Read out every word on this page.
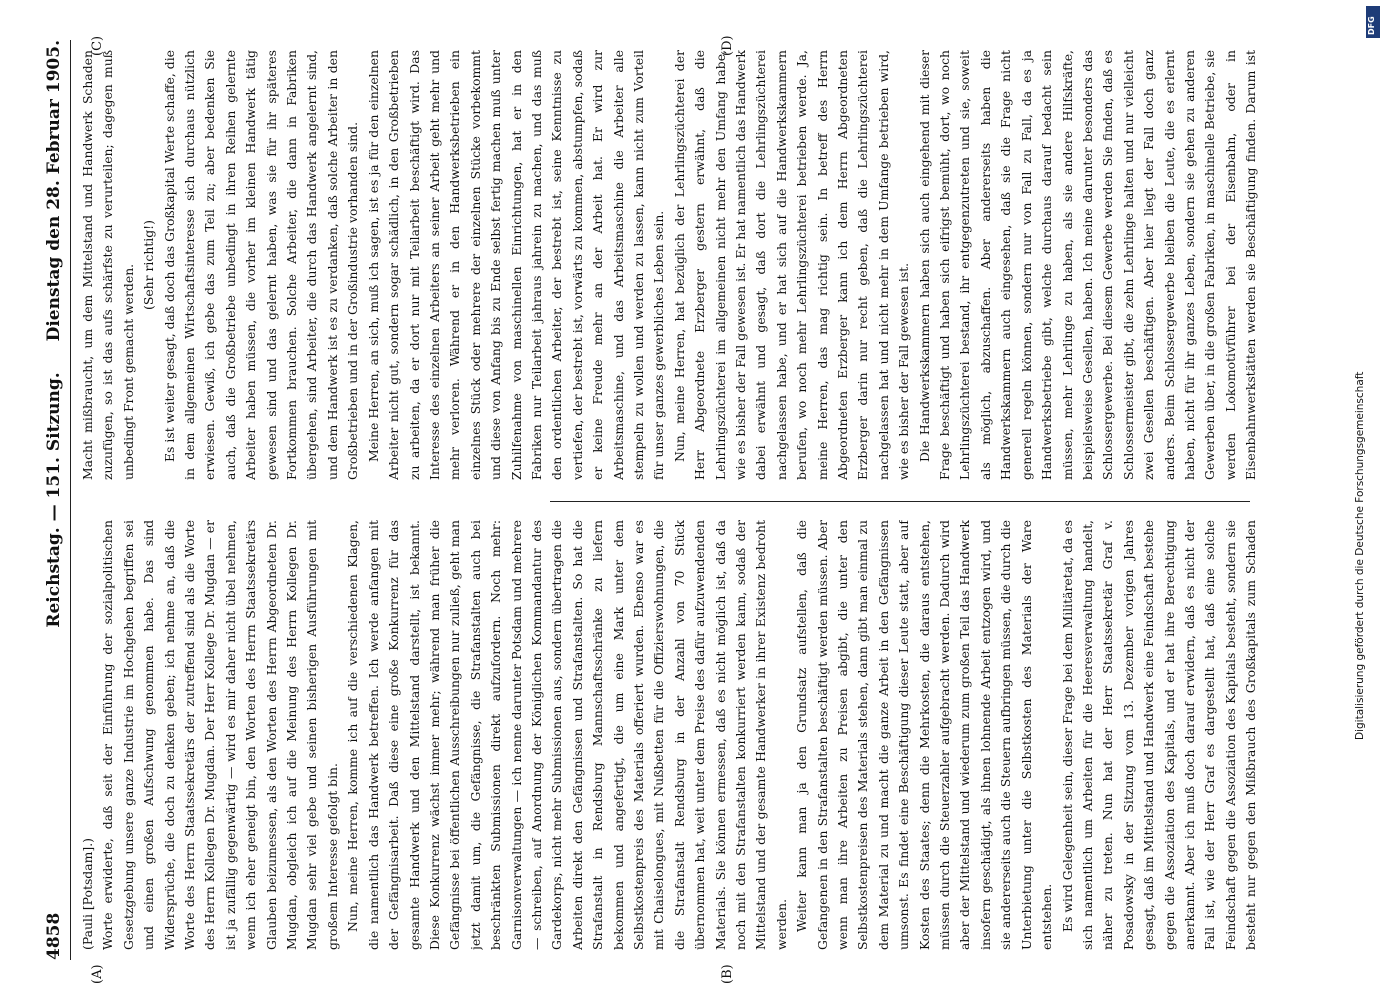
4858
Reichstag. — 151. Sitzung.
Dienstag den 28. Februar 1905.
(A)	(B)
(C)	(D)

(Pauli [Potsdam].) Worte erwiderte, daß seit der Einführung der sozialpolitischen Gesetzgebung unsere ganze Industrie im Hochgehen begriffen sei und einen großen Aufschwung genommen habe. Das sind Widersprüche, die doch zu denken geben; ich nehme an, daß die Worte des Herrn Staatssekretärs der zutreffend sind als die Worte des Herrn Kollegen Dr. Mugdan. Der Herr Kollege Dr. Mugdan — er ist ja zufällig gegenwärtig — wird es mir daher nicht übel nehmen, wenn ich eher geneigt bin, den Worten des Herrn Staatssekretärs Glauben beizumessen, als den Worten des Herrn Abgeordneten Dr. Mugdan, obgleich ich auf die Meinung des Herrn Kollegen Dr. Mugdan sehr viel gebe und seinen bisherigen Ausführungen mit großem Interesse gefolgt bin. Nun, meine Herren, komme ich auf die verschiedenen Klagen, die namentlich das Handwerk betreffen. Ich werde anfangen mit der Gefängnisarbeit. Daß diese eine große Konkurrenz für das gesamte Handwerk und den Mittelstand darstellt, ist bekannt. Diese Konkurrenz wächst immer mehr; während man früher die Gefängnisse bei öffentlichen Ausschreibungen nur zuließ, geht man jetzt damit um, die Gefängnisse, die Strafanstalten auch bei beschränkten Submissionen direkt aufzufordern. Noch mehr: Garnisonverwaltungen — ich nenne darunter Potsdam und mehrere — schreiben, auf Anordnung der Königlichen Kommandantur des Gardekorps, nicht mehr Submissionen aus, sondern übertragen die Arbeiten direkt den Gefängnissen und Strafanstalten. So hat die Strafanstalt in Rendsburg Mannschaftsschränke zu liefern bekommen und angefertigt, die um eine Mark unter dem Selbstkostenpreis des Materials offeriert wurden. Ebenso war es mit Chaiselongues, mit Nußbetten für die Offizierswohnungen, die die Strafanstalt Rendsburg in der Anzahl von 70 Stück übernommen hat, weit unter dem Preise des dafür aufzuwendenden Materials. Sie können ermessen, daß es nicht möglich ist, daß da noch mit den Strafanstalten konkurriert werden kann, sodaß der Mittelstand und der gesamte Handwerker in ihrer Existenz bedroht werden. Weiter kann man ja den Grundsatz aufstellen, daß die Gefangenen in den Strafanstalten beschäftigt werden müssen. Aber wenn man ihre Arbeiten zu Preisen abgibt, die unter den Selbstkostenpreisen des Materials stehen, dann gibt man einmal zu dem Material zu und macht die ganze Arbeit in den Gefängnissen umsonst. Es findet eine Beschäftigung dieser Leute statt, aber auf Kosten des Staates; denn die Mehrkosten, die daraus entstehen, müssen durch die Steuerzahler aufgebracht werden. Dadurch wird aber der Mittelstand und wiederum zum großen Teil das Handwerk insofern geschädigt, als ihnen lohnende Arbeit entzogen wird, und sie andererseits auch die Steuern aufbringen müssen, die durch die Unterbietung unter die Selbstkosten des Materials der Ware entstehen. Es wird Gelegenheit sein, dieser Frage bei dem Militäretat, da es sich namentlich um Arbeiten für die Heeresverwaltung handelt, näher zu treten. Nun hat der Herr Staatssekretär Graf v. Posadowsky in der Sitzung vom 13. Dezember vorigen Jahres gesagt, daß im Mittelstand und Handwerk eine Feindschaft bestehe gegen die Assoziation des Kapitals, und er hat ihre Berechtigung anerkannt. Aber ich muß doch darauf erwidern, daß es nicht der Fall ist, wie der Herr Graf es dargestellt hat, daß eine solche Feindschaft gegen die Assoziation des Kapitals besteht, sondern sie besteht nur gegen den Mißbrauch des Großkapitals zum Schaden

Macht mißbraucht, um dem Mittelstand und Handwerk Schaden zuzufügen, so ist das aufs schärfste zu verurteilen; dagegen muß unbedingt Front gemacht werden. (Sehr richtig!) Es ist weiter gesagt, daß doch das Großkapital Werte schaffe, die in dem allgemeinen Wirtschaftsinteresse sich durchaus nützlich erwiesen. Gewiß, ich gebe das zum Teil zu; aber bedenken Sie auch, daß die Großbetriebe unbedingt in ihren Reihen gelernte Arbeiter haben müssen, die vorher im kleinen Handwerk tätig gewesen sind und das gelernt haben, was sie für ihr späteres Fortkommen brauchen. Solche Arbeiter, die dann in Fabriken übergehen, sind Arbeiter, die durch das Handwerk angelernt sind, und dem Handwerk ist es zu verdanken, daß solche Arbeiter in den Großbetrieben und in der Großindustrie vorhanden sind. Meine Herren, an sich, muß ich sagen, ist es ja für den einzelnen Arbeiter nicht gut, sondern sogar schädlich, in den Großbetrieben zu arbeiten, da er dort nur mit Teilarbeit beschäftigt wird. Das Interesse des einzelnen Arbeiters an seiner Arbeit geht mehr und mehr verloren. Während er in den Handwerksbetrieben ein einzelnes Stück oder mehrere der einzelnen Stücke vorbekommt und diese von Anfang bis zu Ende selbst fertig machen muß unter Zuhilfenahme von maschinellen Einrichtungen, hat er in den Fabriken nur Teilarbeit jahraus jahrein zu machen, und das muß den ordentlichen Arbeiter, der bestrebt ist, seine Kenntnisse zu vertiefen, der bestrebt ist, vorwärts zu kommen, abstumpfen, sodaß er keine Freude mehr an der Arbeit hat. Er wird zur Arbeitsmaschine, und das Arbeitsmaschine die Arbeiter alle stempeln zu wollen und werden zu lassen, kann nicht zum Vorteil für unser ganzes gewerbliches Leben sein. Nun, meine Herren, hat bezüglich der Lehrlingszüchterei der Herr Abgeordnete Erzberger gestern erwähnt, daß die Lehrlingszüchterei im allgemeinen nicht mehr den Umfang habe, wie es bisher der Fall gewesen ist. Er hat namentlich das Handwerk dabei erwähnt und gesagt, daß dort die Lehrlingszüchterei nachgelassen habe, und er hat sich auf die Handwerkskammern berufen, wo noch mehr Lehrlingszüchterei betrieben werde. Ja, meine Herren, das mag richtig sein. In betreff des Herrn Abgeordneten Erzberger kann ich dem Herrn Abgeordneten Erzberger darin nur recht geben, daß die Lehrlingszüchterei nachgelassen hat und nicht mehr in dem Umfange betrieben wird, wie es bisher der Fall gewesen ist. Die Handwerkskammern haben sich auch eingehend mit dieser Frage beschäftigt und haben sich eifrigst bemüht, dort, wo noch Lehrlingszüchterei bestand, ihr entgegenzutreten und sie, soweit als möglich, abzuschaffen. Aber andererseits haben die Handwerkskammern auch eingesehen, daß sie die Frage nicht generell regeln können, sondern nur von Fall zu Fall, da es ja Handwerksbetriebe gibt, welche durchaus darauf bedacht sein müssen, mehr Lehrlinge zu haben, als sie andere Hilfskräfte, beispielsweise Gesellen, haben. Ich meine darunter besonders das Schlossergewerbe. Bei diesem Gewerbe werden Sie finden, daß es Schlossermeister gibt, die zehn Lehrlinge halten und nur vielleicht zwei Gesellen beschäftigen. Aber hier liegt der Fall doch ganz anders. Beim Schlossergewerbe bleiben die Leute, die es erlernt haben, nicht für ihr ganzes Leben, sondern sie gehen zu anderen Gewerben über, in die großen Fabriken, in maschinelle Betriebe, sie werden Lokomotivführer bei der Eisenbahn, oder in Eisenbahnwerkstätten werden sie Beschäftigung finden. Darum ist

Digitalisierung gefördert durch die Deutsche Forschungsgemeinschaft
DFG
